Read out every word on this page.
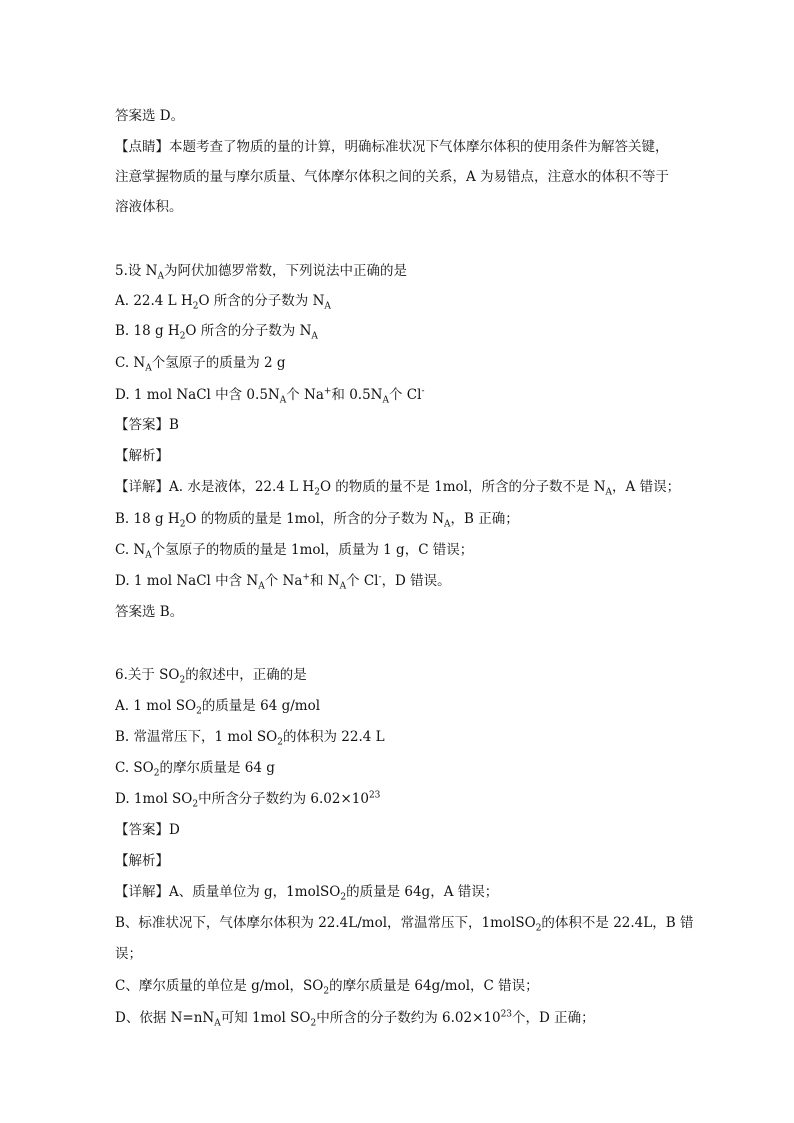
答案选 D。
【点睛】本题考查了物质的量的计算，明确标准状况下气体摩尔体积的使用条件为解答关键，
注意掌握物质的量与摩尔质量、气体摩尔体积之间的关系，A 为易错点，注意水的体积不等于
溶液体积。
5.设 $N_A$为阿伏加德罗常数，下列说法中正确的是
A. 22.4 L $H_2O$ 所含的分子数为 $N_A$
B. 18 g $H_2O$ 所含的分子数为 $N_A$
C. $N_A$个氢原子的质量为 2 g
D. 1 mol NaCl 中含 $0.5N_A$个 Na+和 $0.5N_A$个 Cl-
【答案】B
【解析】
【详解】A. 水是液体，22.4 L $H_2O$ 的物质的量不是 1mol，所含的分子数不是 $N_A$，A 错误；
B. 18 g $H_2O$ 的物质的量是 1mol，所含的分子数为 $N_A$，B 正确；
C. $N_A$个氢原子的物质的量是 1mol，质量为 1 g，C 错误；
D. 1 mol NaCl 中含 $N_A$个 Na+和 $N_A$个 Cl-，D 错误。
答案选 B。
6.关于 $SO_2$的叙述中，正确的是
A. 1 mol $SO_2$的质量是 64 g/mol
B. 常温常压下，1 mol $SO_2$的体积为 22.4 L
C. $SO_2$的摩尔质量是 64 g
D. 1mol $SO_2$中所含分子数约为 $6.02\times 10^{23}$
【答案】D
【解析】
【详解】A、质量单位为 g，1molSO$_2$的质量是 64g，A 错误；
B、标准状况下，气体摩尔体积为 22.4L/mol，常温常压下，1molSO$_2$的体积不是 22.4L，B 错
误；
C、摩尔质量的单位是 g/mol，$SO_2$的摩尔质量是 64g/mol，C 错误；
D、依据 $N=nN_A$可知 1mol $SO_2$中所含的分子数约为 $6.02\times 10^{23}$个，D 正确；
